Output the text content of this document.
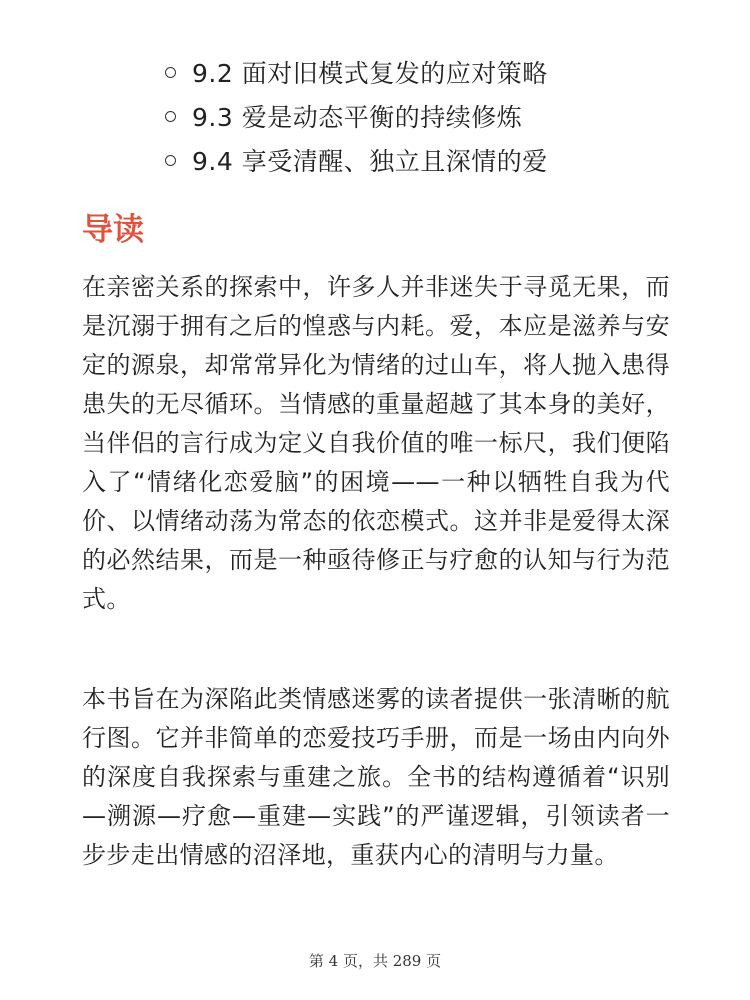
9.2 面对旧模式复发的应对策略
9.3 爱是动态平衡的持续修炼
9.4 享受清醒、独立且深情的爱
导读

在亲密关系的探索中，许多人并非迷失于寻觅无果，而是沉溺于拥有之后的惶惑与内耗。爱，本应是滋养与安定的源泉，却常常异化为情绪的过山车，将人抛入患得患失的无尽循环。当情感的重量超越了其本身的美好，当伴侣的言行成为定义自我价值的唯一标尺，我们便陷入了“情绪化恋爱脑”的困境——一种以牺牲自我为代价、以情绪动荡为常态的依恋模式。这并非是爱得太深的必然结果，而是一种亟待修正与疗愈的认知与行为范式。

本书旨在为深陷此类情感迷雾的读者提供一张清晰的航行图。它并非简单的恋爱技巧手册，而是一场由内向外的深度自我探索与重建之旅。全书的结构遵循着“识别—溯源—疗愈—重建—实践”的严谨逻辑，引领读者一步步走出情感的沼泽地，重获内心的清明与力量。

第 4 页，共 289 页
